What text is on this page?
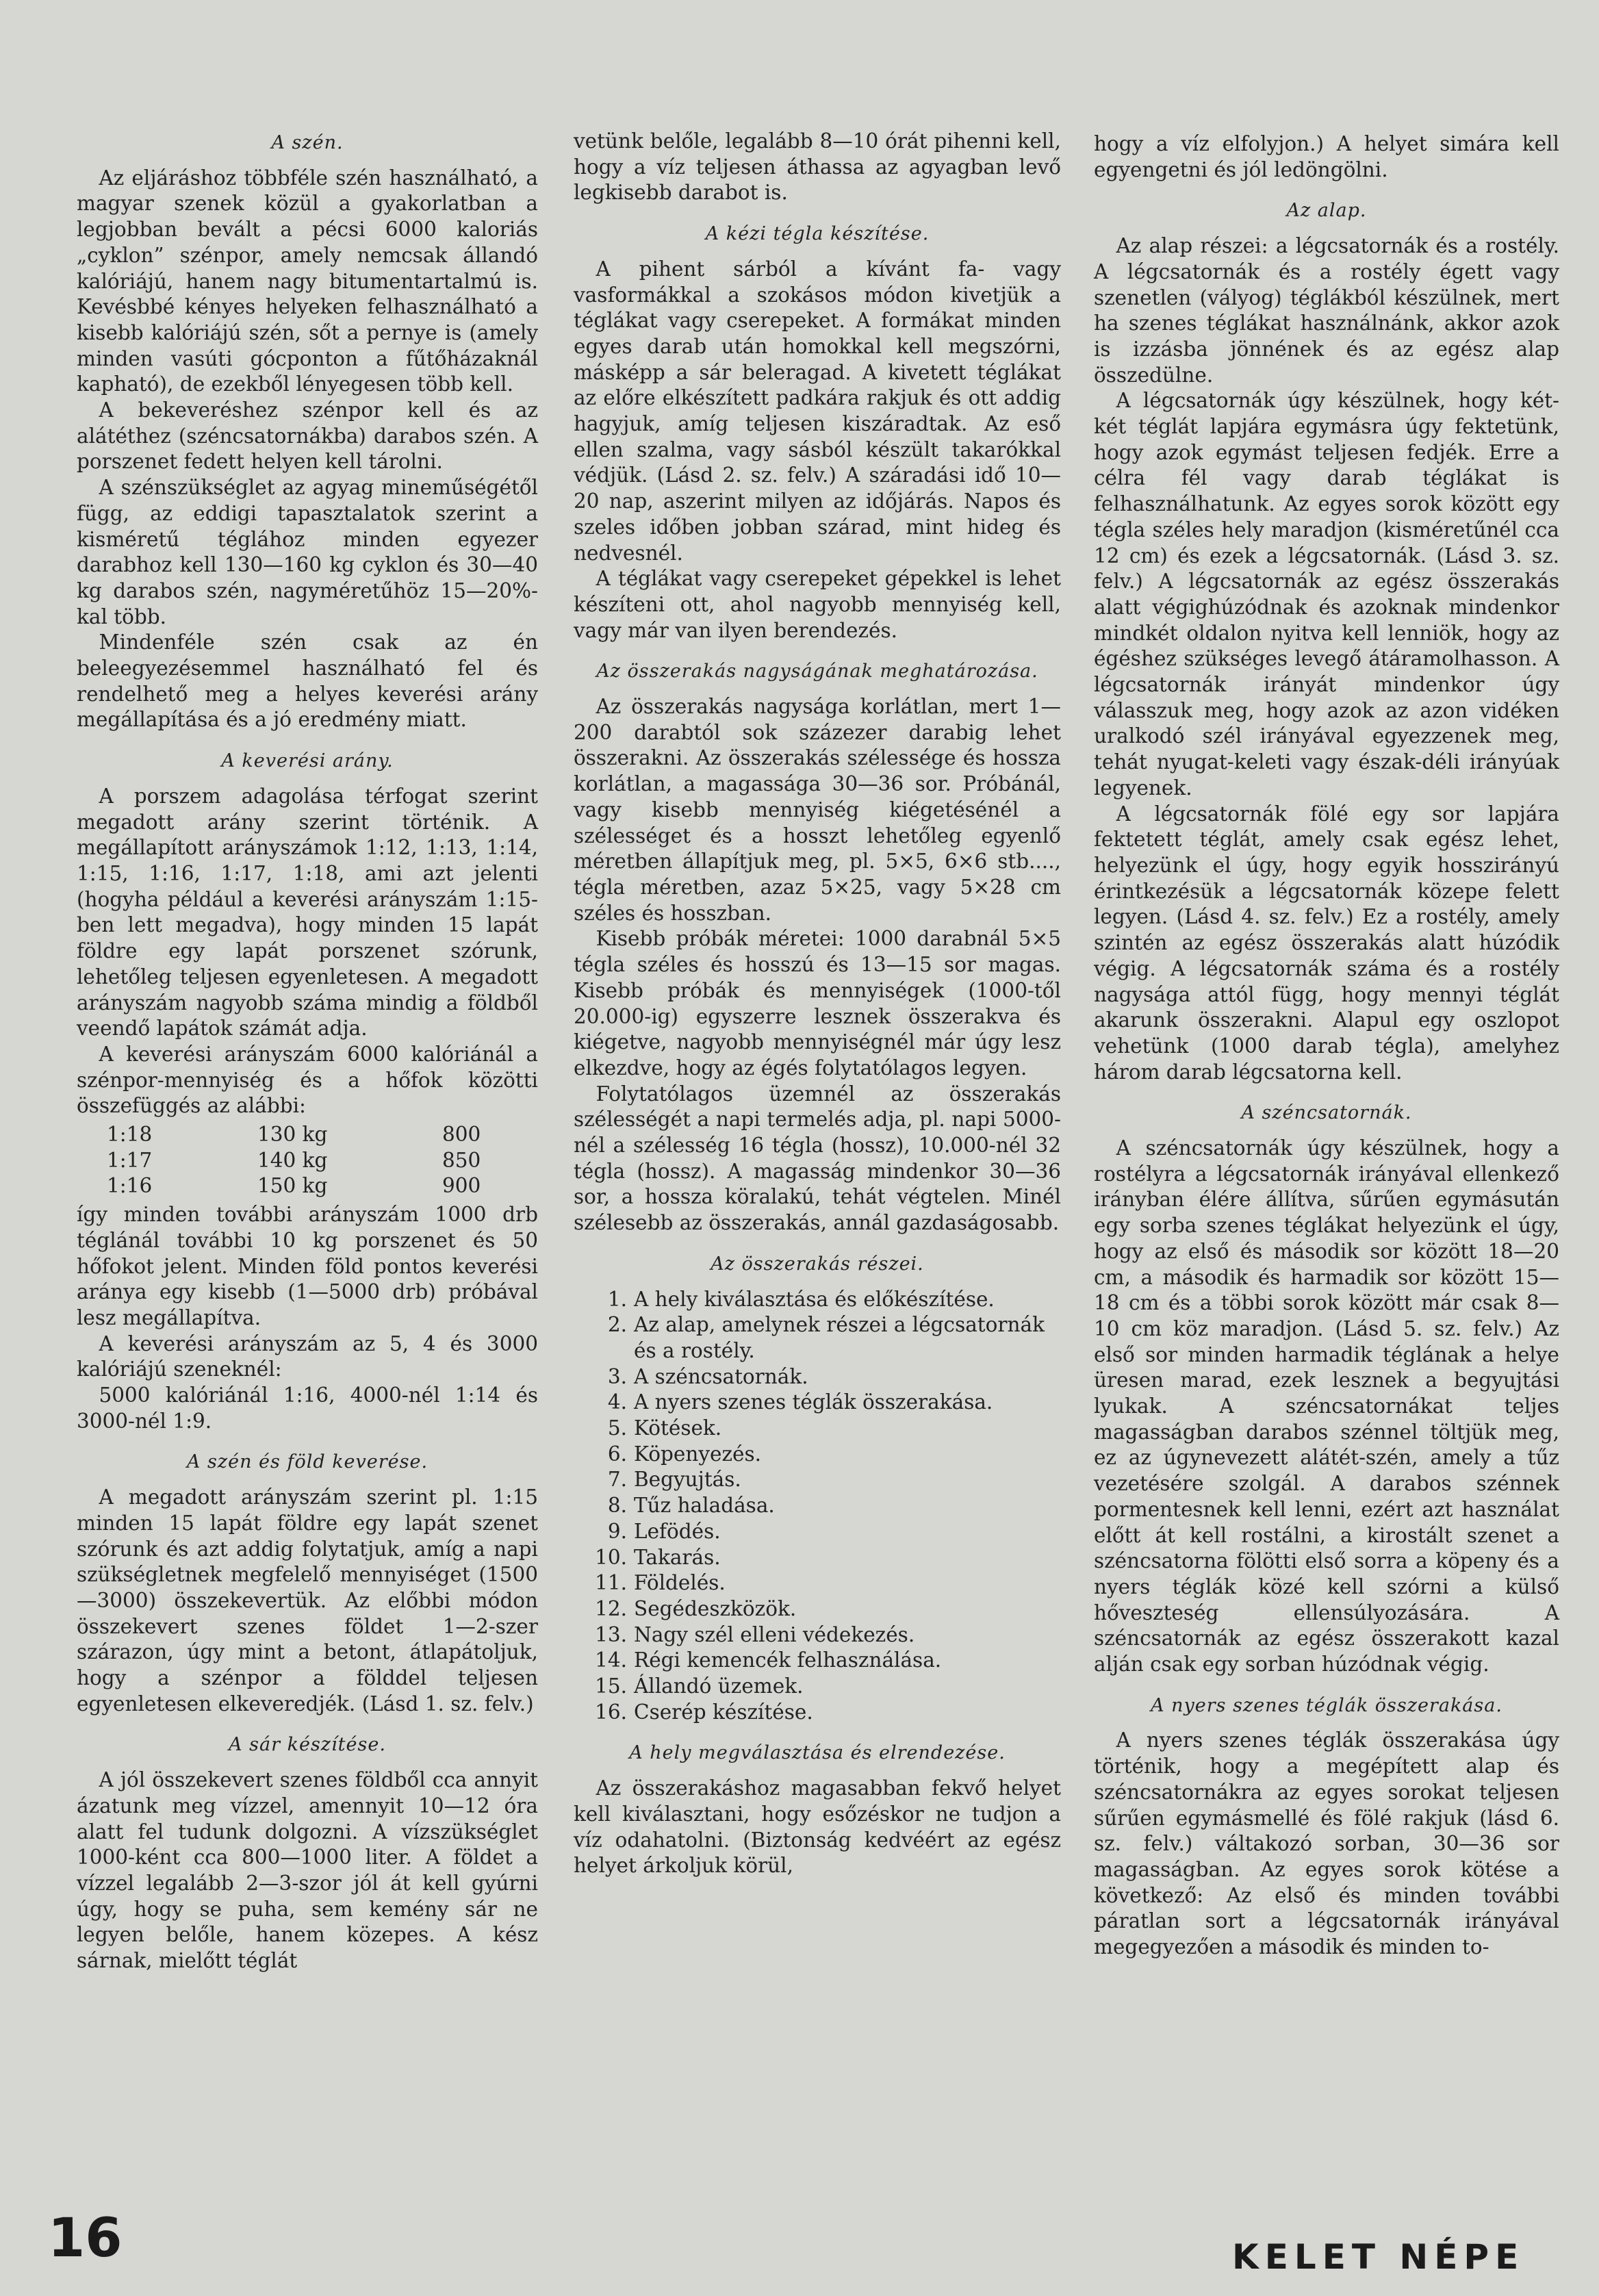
A szén.

Az eljáráshoz többféle szén használható, a magyar szenek közül a gyakorlatban a legjobban bevált a pécsi 6000 kaloriás „cyklon” szénpor, amely nemcsak állandó kalóriájú, hanem nagy bitumentartalmú is. Kevésbbé kényes helyeken felhasználható a kisebb kalóriájú szén, sőt a pernye is (amely minden vasúti gócponton a fűtőházaknál kapható), de ezekből lényegesen több kell.

A bekeveréshez szénpor kell és az alátéthez (széncsatornákba) darabos szén. A porszenet fedett helyen kell tárolni.

A szénszükséglet az agyag mineműségétől függ, az eddigi tapasztalatok szerint a kisméretű téglához minden egyezer darabhoz kell 130—160 kg cyklon és 30—40 kg darabos szén, nagyméretűhöz 15—20%-kal több.

Mindenféle szén csak az én beleegyezésemmel használható fel és rendelhető meg a helyes keverési arány megállapítása és a jó eredmény miatt.

A keverési arány.

A porszem adagolása térfogat szerint megadott arány szerint történik. A megállapított arányszámok 1:12, 1:13, 1:14, 1:15, 1:16, 1:17, 1:18, ami azt jelenti (hogyha például a keverési arányszám 1:15-ben lett megadva), hogy minden 15 lapát földre egy lapát porszenet szórunk, lehetőleg teljesen egyenletesen. A megadott arányszám nagyobb száma mindig a földből veendő lapátok számát adja.

A keverési arányszám 6000 kalóriánál a szénpor-mennyiség és a hőfok közötti összefüggés az alábbi:

1:18	130 kg	800
1:17	140 kg	850
1:16	150 kg	900

így minden további arányszám 1000 drb téglánál további 10 kg porszenet és 50 hőfokot jelent. Minden föld pontos keverési aránya egy kisebb (1—5000 drb) próbával lesz megállapítva.

A keverési arányszám az 5, 4 és 3000 kalóriájú szeneknél:

5000 kalóriánál 1:16, 4000-nél 1:14 és 3000-nél 1:9.

A szén és föld keverése.

A megadott arányszám szerint pl. 1:15 minden 15 lapát földre egy lapát szenet szórunk és azt addig folytatjuk, amíg a napi szükségletnek megfelelő mennyiséget (1500—3000) összekevertük. Az előbbi módon összekevert szenes földet 1—2-szer szárazon, úgy mint a betont, átlapátoljuk, hogy a szénpor a földdel teljesen egyenletesen elkeveredjék. (Lásd 1. sz. felv.)

A sár készítése.

A jól összekevert szenes földből cca annyit ázatunk meg vízzel, amennyit 10—12 óra alatt fel tudunk dolgozni. A vízszükséglet 1000-ként cca 800—1000 liter. A földet a vízzel legalább 2—3-szor jól át kell gyúrni úgy, hogy se puha, sem kemény sár ne legyen belőle, hanem közepes. A kész sárnak, mielőtt téglát

vetünk belőle, legalább 8—10 órát pihenni kell, hogy a víz teljesen áthassa az agyagban levő legkisebb darabot is.

A kézi tégla készítése.

A pihent sárból a kívánt fa- vagy vasformákkal a szokásos módon kivetjük a téglákat vagy cserepeket. A formákat minden egyes darab után homokkal kell megszórni, másképp a sár beleragad. A kivetett téglákat az előre elkészített padkára rakjuk és ott addig hagyjuk, amíg teljesen kiszáradtak. Az eső ellen szalma, vagy sásból készült takarókkal védjük. (Lásd 2. sz. felv.) A száradási idő 10—20 nap, aszerint milyen az időjárás. Napos és szeles időben jobban szárad, mint hideg és nedvesnél.

A téglákat vagy cserepeket gépekkel is lehet készíteni ott, ahol nagyobb mennyiség kell, vagy már van ilyen berendezés.

Az összerakás nagyságának meghatározása.

Az összerakás nagysága korlátlan, mert 1—200 darabtól sok százezer darabig lehet összerakni. Az összerakás szélessége és hossza korlátlan, a magassága 30—36 sor. Próbánál, vagy kisebb mennyiség kiégetésénél a szélességet és a hosszt lehetőleg egyenlő méretben állapítjuk meg, pl. 5×5, 6×6 stb...., tégla méretben, azaz 5×25, vagy 5×28 cm széles és hosszban.

Kisebb próbák méretei: 1000 darabnál 5×5 tégla széles és hosszú és 13—15 sor magas. Kisebb próbák és mennyiségek (1000-től 20.000-ig) egyszerre lesznek összerakva és kiégetve, nagyobb mennyiségnél már úgy lesz elkezdve, hogy az égés folytatólagos legyen.

Folytatólagos üzemnél az összerakás szélességét a napi termelés adja, pl. napi 5000-nél a szélesség 16 tégla (hossz), 10.000-nél 32 tégla (hossz). A magasság mindenkor 30—36 sor, a hossza köralakú, tehát végtelen. Minél szélesebb az összerakás, annál gazdaságosabb.

Az összerakás részei.
1. A hely kiválasztása és előkészítése.
2. Az alap, amelynek részei a légcsatornák és a rostély.
3. A széncsatornák.
4. A nyers szenes téglák összerakása.
5. Kötések.
6. Köpenyezés.
7. Begyujtás.
8. Tűz haladása.
9. Lefödés.
10. Takarás.
11. Földelés.
12. Segédeszközök.
13. Nagy szél elleni védekezés.
14. Régi kemencék felhasználása.
15. Állandó üzemek.
16. Cserép készítése.
A hely megválasztása és elrendezése.

Az összerakáshoz magasabban fekvő helyet kell kiválasztani, hogy esőzéskor ne tudjon a víz odahatolni. (Biztonság kedvéért az egész helyet árkoljuk körül,

hogy a víz elfolyjon.) A helyet simára kell egyengetni és jól ledöngölni.

Az alap.

Az alap részei: a légcsatornák és a rostély. A légcsatornák és a rostély égett vagy szenetlen (vályog) téglákból készülnek, mert ha szenes téglákat használnánk, akkor azok is izzásba jönnének és az egész alap összedülne.

A légcsatornák úgy készülnek, hogy két-két téglát lapjára egymásra úgy fektetünk, hogy azok egymást teljesen fedjék. Erre a célra fél vagy darab téglákat is felhasználhatunk. Az egyes sorok között egy tégla széles hely maradjon (kisméretűnél cca 12 cm) és ezek a légcsatornák. (Lásd 3. sz. felv.) A légcsatornák az egész összerakás alatt végighúzódnak és azoknak mindenkor mindkét oldalon nyitva kell lenniök, hogy az égéshez szükséges levegő átáramolhasson. A légcsatornák irányát mindenkor úgy válasszuk meg, hogy azok az azon vidéken uralkodó szél irányával egyezzenek meg, tehát nyugat-keleti vagy észak-déli irányúak legyenek.

A légcsatornák fölé egy sor lapjára fektetett téglát, amely csak egész lehet, helyezünk el úgy, hogy egyik hosszirányú érintkezésük a légcsatornák közepe felett legyen. (Lásd 4. sz. felv.) Ez a rostély, amely szintén az egész összerakás alatt húzódik végig. A légcsatornák száma és a rostély nagysága attól függ, hogy mennyi téglát akarunk összerakni. Alapul egy oszlopot vehetünk (1000 darab tégla), amelyhez három darab légcsatorna kell.

A széncsatornák.

A széncsatornák úgy készülnek, hogy a rostélyra a légcsatornák irányával ellenkező irányban élére állítva, sűrűen egymásután egy sorba szenes téglákat helyezünk el úgy, hogy az első és második sor között 18—20 cm, a második és harmadik sor között 15—18 cm és a többi sorok között már csak 8—10 cm köz maradjon. (Lásd 5. sz. felv.) Az első sor minden harmadik téglának a helye üresen marad, ezek lesznek a begyujtási lyukak. A széncsatornákat teljes magasságban darabos szénnel töltjük meg, ez az úgynevezett alátét-szén, amely a tűz vezetésére szolgál. A darabos szénnek pormentesnek kell lenni, ezért azt használat előtt át kell rostálni, a kirostált szenet a széncsatorna fölötti első sorra a köpeny és a nyers téglák közé kell szórni a külső hőveszteség ellensúlyozására. A széncsatornák az egész összerakott kazal alján csak egy sorban húzódnak végig.

A nyers szenes téglák összerakása.

A nyers szenes téglák összerakása úgy történik, hogy a megépített alap és széncsatornákra az egyes sorokat teljesen sűrűen egymásmellé és fölé rakjuk (lásd 6. sz. felv.) váltakozó sorban, 30—36 sor magasságban. Az egyes sorok kötése a következő: Az első és minden további páratlan sort a légcsatornák irányával megegyezően a második és minden to-

16	KELET NÉPE
